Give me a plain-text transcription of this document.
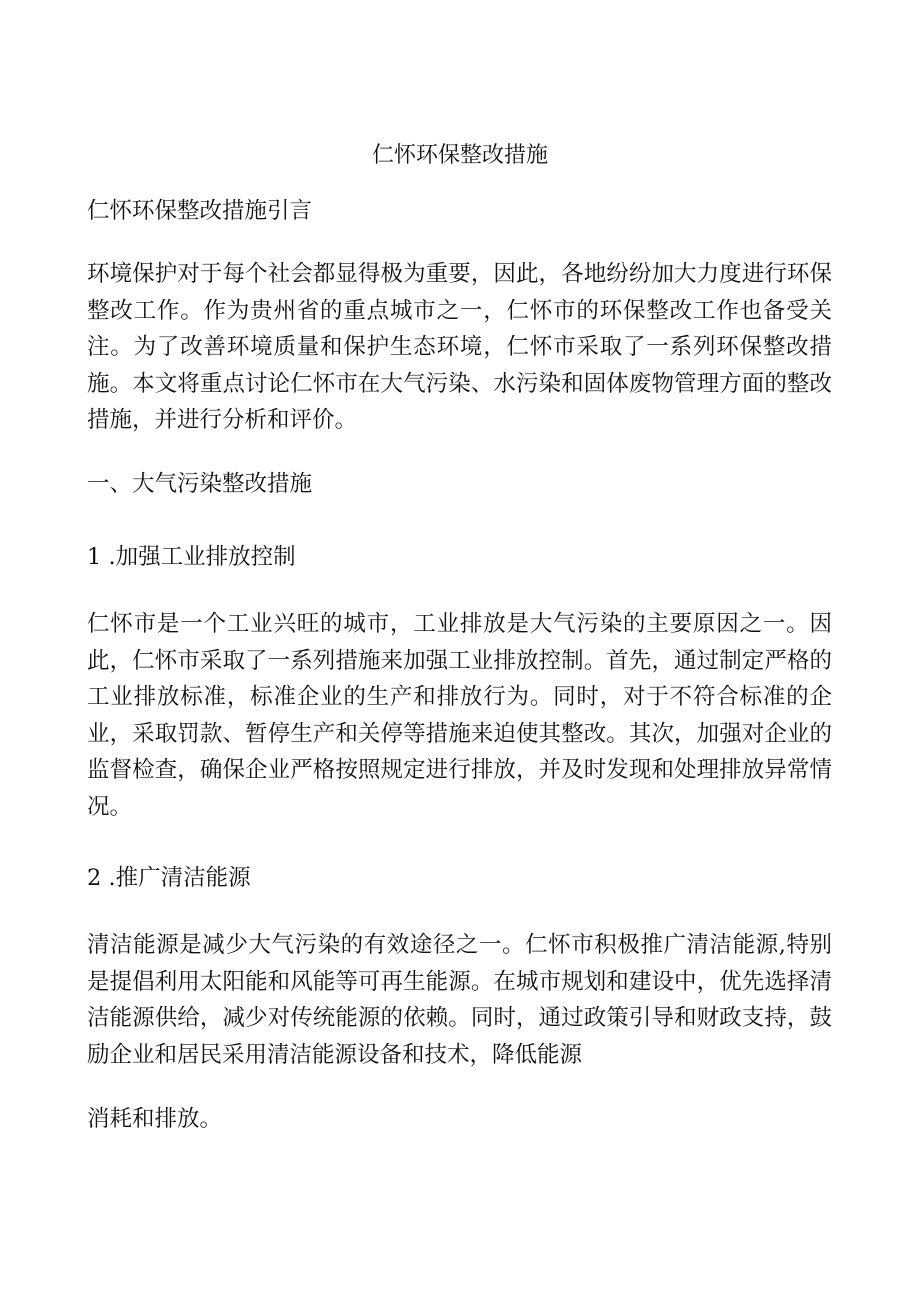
仁怀环保整改措施

仁怀环保整改措施引言

环境保护对于每个社会都显得极为重要，因此，各地纷纷加大力度进行环保整改工作。作为贵州省的重点城市之一，仁怀市的环保整改工作也备受关注。为了改善环境质量和保护生态环境，仁怀市采取了一系列环保整改措施。本文将重点讨论仁怀市在大气污染、水污染和固体废物管理方面的整改措施，并进行分析和评价。

一、大气污染整改措施

1 .加强工业排放控制

仁怀市是一个工业兴旺的城市，工业排放是大气污染的主要原因之一。因此，仁怀市采取了一系列措施来加强工业排放控制。首先，通过制定严格的工业排放标准，标准企业的生产和排放行为。同时，对于不符合标准的企业，采取罚款、暂停生产和关停等措施来迫使其整改。其次，加强对企业的监督检查，确保企业严格按照规定进行排放，并及时发现和处理排放异常情况。

2 .推广清洁能源

清洁能源是减少大气污染的有效途径之一。仁怀市积极推广清洁能源,特别是提倡利用太阳能和风能等可再生能源。在城市规划和建设中，优先选择清洁能源供给，减少对传统能源的依赖。同时，通过政策引导和财政支持，鼓励企业和居民采用清洁能源设备和技术，降低能源

消耗和排放。
